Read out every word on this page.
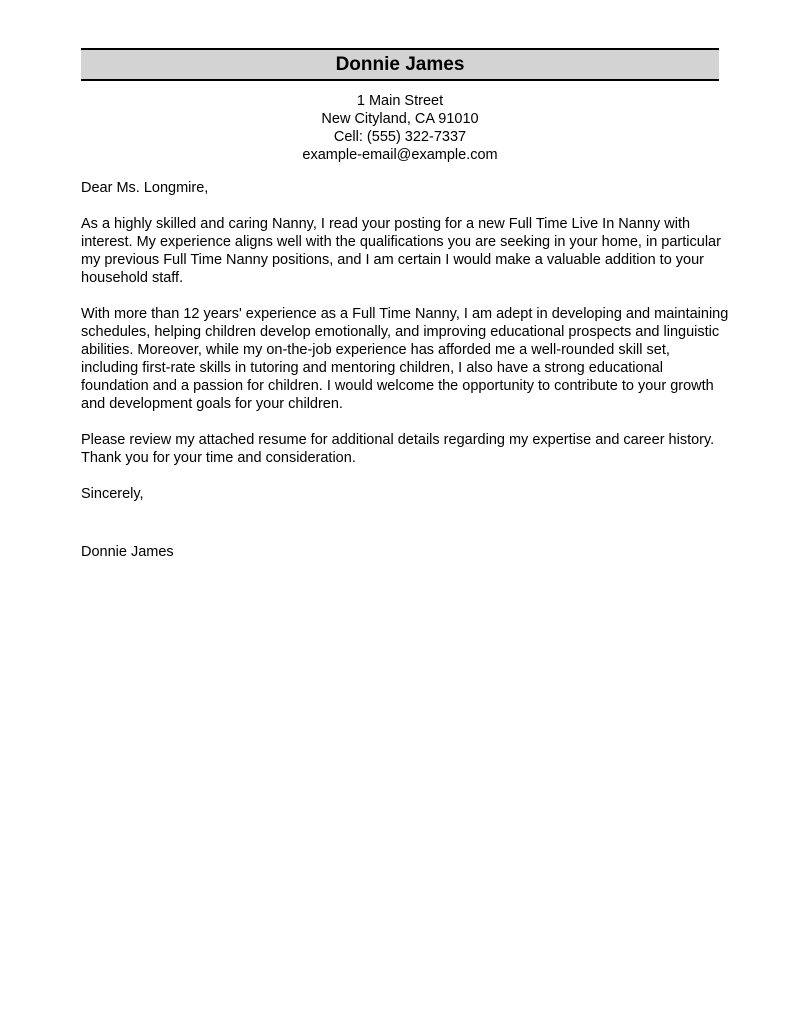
Donnie James
1 Main Street
New Cityland, CA 91010
Cell: (555) 322-7337
example-email@example.com

Dear Ms. Longmire,

As a highly skilled and caring Nanny, I read your posting for a new Full Time Live In Nanny with interest. My experience aligns well with the qualifications you are seeking in your home, in particular my previous Full Time Nanny positions, and I am certain I would make a valuable addition to your household staff.

With more than 12 years' experience as a Full Time Nanny, I am adept in developing and maintaining schedules, helping children develop emotionally, and improving educational prospects and linguistic abilities. Moreover, while my on-the-job experience has afforded me a well-rounded skill set, including first-rate skills in tutoring and mentoring children, I also have a strong educational foundation and a passion for children. I would welcome the opportunity to contribute to your growth and development goals for your children.

Please review my attached resume for additional details regarding my expertise and career history. Thank you for your time and consideration.

Sincerely,

Donnie James
